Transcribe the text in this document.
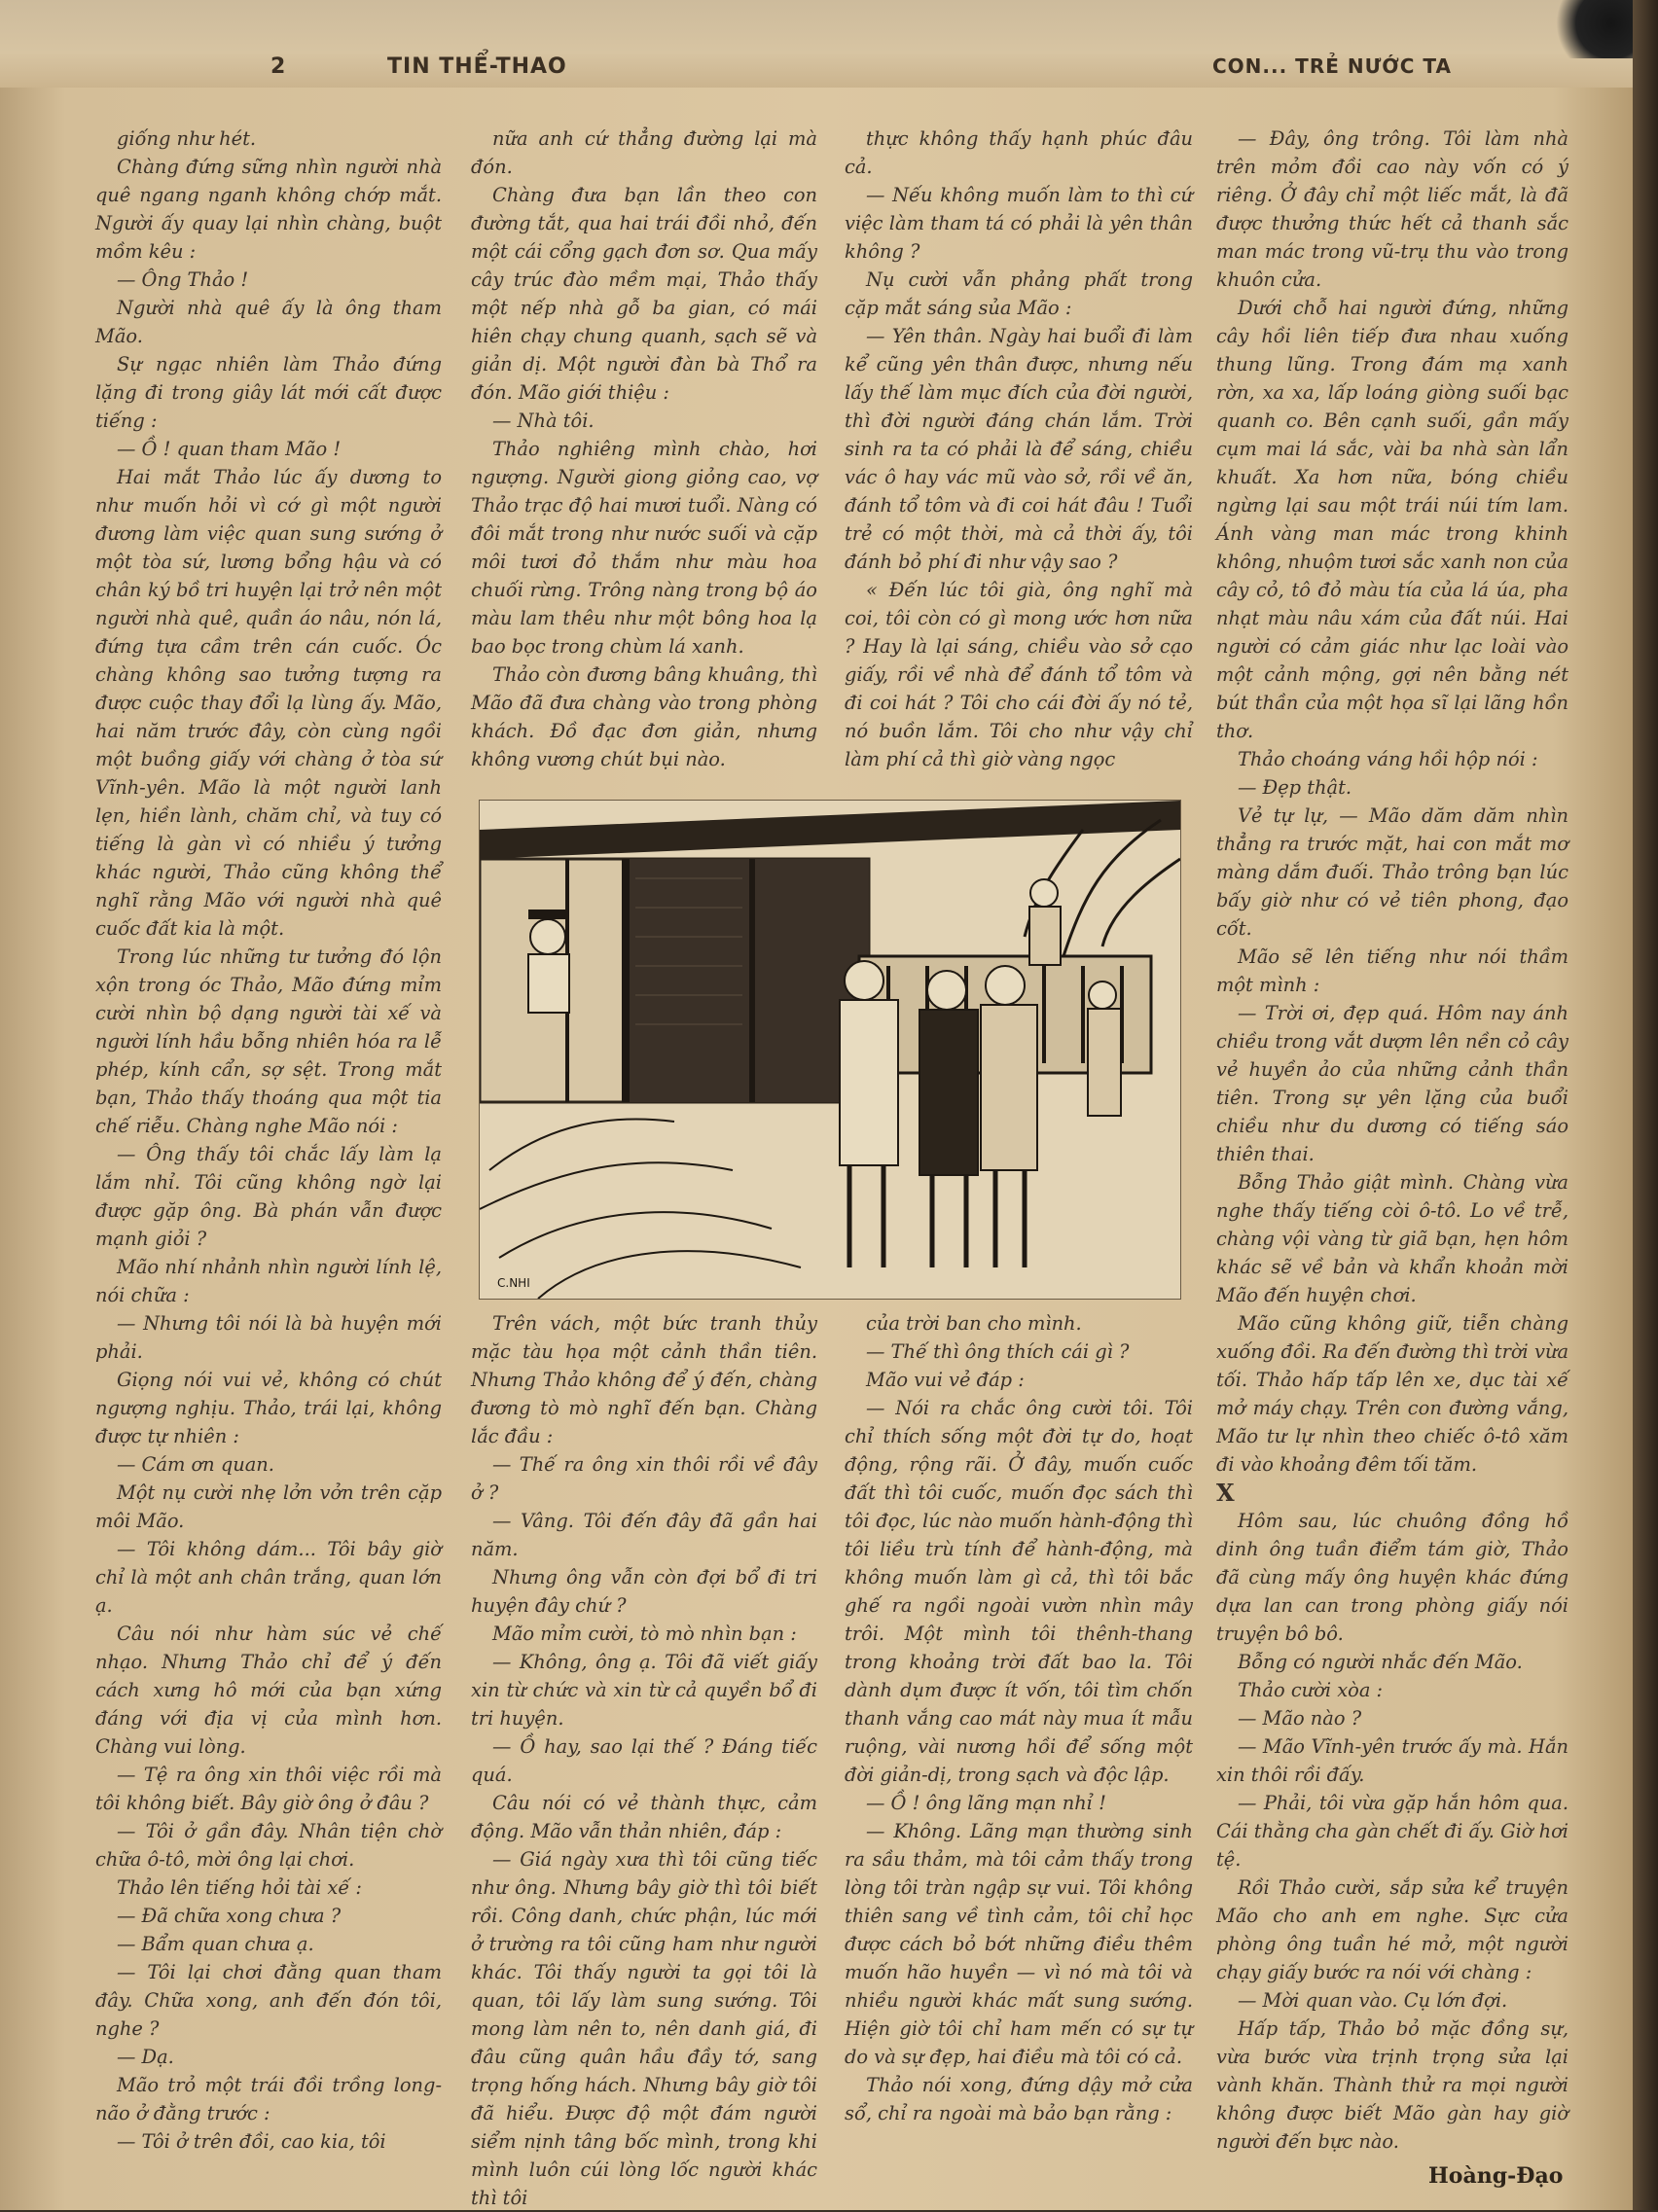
2	TIN THỂ-THAO	CON... TRẺ NƯỚC TA

giống như hét.

Chàng đứng sững nhìn người nhà quê ngang nganh không chớp mắt. Người ấy quay lại nhìn chàng, buột mồm kêu :

— Ông Thảo !

Người nhà quê ấy là ông tham Mão.

Sự ngạc nhiên làm Thảo đứng lặng đi trong giây lát mới cất được tiếng :

— Ồ ! quan tham Mão !

Hai mắt Thảo lúc ấy dương to như muốn hỏi vì cớ gì một người đương làm việc quan sung sướng ở một tòa sứ, lương bổng hậu và có chân ký bồ tri huyện lại trở nên một người nhà quê, quần áo nâu, nón lá, đứng tựa cầm trên cán cuốc. Óc chàng không sao tưởng tượng ra được cuộc thay đổi lạ lùng ấy. Mão, hai năm trước đây, còn cùng ngồi một buồng giấy với chàng ở tòa sứ Vĩnh-yên. Mão là một người lanh lẹn, hiền lành, chăm chỉ, và tuy có tiếng là gàn vì có nhiều ý tưởng khác người, Thảo cũng không thể nghĩ rằng Mão với người nhà quê cuốc đất kia là một.

Trong lúc những tư tưởng đó lộn xộn trong óc Thảo, Mão đứng mỉm cười nhìn bộ dạng người tài xế và người lính hầu bỗng nhiên hóa ra lễ phép, kính cẩn, sợ sệt. Trong mắt bạn, Thảo thấy thoáng qua một tia chế riễu. Chàng nghe Mão nói :

— Ông thấy tôi chắc lấy làm lạ lắm nhỉ. Tôi cũng không ngờ lại được gặp ông. Bà phán vẫn được mạnh giỏi ?

Mão nhí nhảnh nhìn người lính lệ, nói chữa :

— Nhưng tôi nói là bà huyện mới phải.

Giọng nói vui vẻ, không có chút ngượng nghịu. Thảo, trái lại, không được tự nhiên :

— Cám ơn quan.

Một nụ cười nhẹ lởn vởn trên cặp môi Mão.

— Tôi không dám... Tôi bây giờ chỉ là một anh chân trắng, quan lớn ạ.

Câu nói như hàm súc vẻ chế nhạo. Nhưng Thảo chỉ để ý đến cách xưng hô mới của bạn xứng đáng với địa vị của mình hơn. Chàng vui lòng.

— Tệ ra ông xin thôi việc rồi mà tôi không biết. Bây giờ ông ở đâu ?

— Tôi ở gần đây. Nhân tiện chờ chữa ô-tô, mời ông lại chơi.

Thảo lên tiếng hỏi tài xế :

— Đã chữa xong chưa ?

— Bẩm quan chưa ạ.

— Tôi lại chơi đằng quan tham đây. Chữa xong, anh đến đón tôi, nghe ?

— Dạ.

Mão trỏ một trái đồi trồng long-não ở đằng trước :

— Tôi ở trên đồi, cao kia, tôi

nữa anh cứ thẳng đường lại mà đón.

Chàng đưa bạn lần theo con đường tắt, qua hai trái đồi nhỏ, đến một cái cổng gạch đơn sơ. Qua mấy cây trúc đào mềm mại, Thảo thấy một nếp nhà gỗ ba gian, có mái hiên chạy chung quanh, sạch sẽ và giản dị. Một người đàn bà Thổ ra đón. Mão giới thiệu :

— Nhà tôi.

Thảo nghiêng mình chào, hơi ngượng. Người giong giỏng cao, vợ Thảo trạc độ hai mươi tuổi. Nàng có đôi mắt trong như nước suối và cặp môi tươi đỏ thắm như màu hoa chuối rừng. Trông nàng trong bộ áo màu lam thêu như một bông hoa lạ bao bọc trong chùm lá xanh.

Thảo còn đương bâng khuâng, thì Mão đã đưa chàng vào trong phòng khách. Đồ đạc đơn giản, nhưng không vương chút bụi nào.

thực không thấy hạnh phúc đâu cả.

— Nếu không muốn làm to thì cứ việc làm tham tá có phải là yên thân không ?

Nụ cười vẫn phảng phất trong cặp mắt sáng sủa Mão :

— Yên thân. Ngày hai buổi đi làm kể cũng yên thân được, nhưng nếu lấy thế làm mục đích của đời người, thì đời người đáng chán lắm. Trời sinh ra ta có phải là để sáng, chiều vác ô hay vác mũ vào sở, rồi về ăn, đánh tổ tôm và đi coi hát đâu ! Tuổi trẻ có một thời, mà cả thời ấy, tôi đánh bỏ phí đi như vậy sao ?

« Đến lúc tôi già, ông nghĩ mà coi, tôi còn có gì mong ước hơn nữa ? Hay là lại sáng, chiều vào sở cạo giấy, rồi về nhà để đánh tổ tôm và đi coi hát ? Tôi cho cái đời ấy nó tẻ, nó buồn lắm. Tôi cho như vậy chỉ làm phí cả thì giờ vàng ngọc

— Đây, ông trông. Tôi làm nhà trên mỏm đồi cao này vốn có ý riêng. Ở đây chỉ một liếc mắt, là đã được thưởng thức hết cả thanh sắc man mác trong vũ-trụ thu vào trong khuôn cửa.

Dưới chỗ hai người đứng, những cây hồi liên tiếp đưa nhau xuống thung lũng. Trong đám mạ xanh rờn, xa xa, lấp loáng giòng suối bạc quanh co. Bên cạnh suối, gần mấy cụm mai lá sắc, vài ba nhà sàn lẩn khuất. Xa hơn nữa, bóng chiều ngừng lại sau một trái núi tím lam. Ánh vàng man mác trong khinh không, nhuộm tươi sắc xanh non của cây cỏ, tô đỏ màu tía của lá úa, pha nhạt màu nâu xám của đất núi. Hai người có cảm giác như lạc loài vào một cảnh mộng, gợi nên bằng nét bút thần của một họa sĩ lại lãng hồn thơ.

Thảo choáng váng hồi hộp nói :

— Đẹp thật.

Vẻ tự lự, — Mão dăm dăm nhìn thẳng ra trước mặt, hai con mắt mơ màng dắm đuối. Thảo trông bạn lúc bấy giờ như có vẻ tiên phong, đạo cốt.

Mão sẽ lên tiếng như nói thầm một mình :

— Trời ơi, đẹp quá. Hôm nay ánh chiều trong vắt dượm lên nền cỏ cây vẻ huyền ảo của những cảnh thần tiên. Trong sự yên lặng của buổi chiều như du dương có tiếng sáo thiên thai.

Bỗng Thảo giật mình. Chàng vừa nghe thấy tiếng còi ô-tô. Lo về trễ, chàng vội vàng từ giã bạn, hẹn hôm khác sẽ về bản và khẩn khoản mời Mão đến huyện chơi.

Mão cũng không giữ, tiễn chàng xuống đồi. Ra đến đường thì trời vừa tối. Thảo hấp tấp lên xe, dục tài xế mở máy chạy. Trên con đường vắng, Mão tư lự nhìn theo chiếc ô-tô xăm đi vào khoảng đêm tối tăm.

X

Hôm sau, lúc chuông đồng hồ dinh ông tuần điểm tám giờ, Thảo đã cùng mấy ông huyện khác đứng dựa lan can trong phòng giấy nói truyện bô bô.

Bỗng có người nhắc đến Mão.

Thảo cười xòa :

— Mão nào ?

— Mão Vĩnh-yên trước ấy mà. Hắn xin thôi rồi đấy.

— Phải, tôi vừa gặp hắn hôm qua. Cái thằng cha gàn chết đi ấy. Giờ hơi tệ.

Rồi Thảo cười, sắp sửa kể truyện Mão cho anh em nghe. Sực cửa phòng ông tuần hé mở, một người chạy giấy bước ra nói với chàng :

— Mời quan vào. Cụ lớn đợi.

Hấp tấp, Thảo bỏ mặc đồng sự, vừa bước vừa trịnh trọng sửa lại vành khăn. Thành thử ra mọi người không được biết Mão gàn hay giờ người đến bực nào.

C.NHI

Trên vách, một bức tranh thủy mặc tàu họa một cảnh thần tiên. Nhưng Thảo không để ý đến, chàng đương tò mò nghĩ đến bạn. Chàng lắc đầu :

— Thế ra ông xin thôi rồi về đây ở ?

— Vâng. Tôi đến đây đã gần hai năm.

Nhưng ông vẫn còn đợi bổ đi tri huyện đây chứ ?

Mão mỉm cười, tò mò nhìn bạn :

— Không, ông ạ. Tôi đã viết giấy xin từ chức và xin từ cả quyền bổ đi tri huyện.

— Ồ hay, sao lại thế ? Đáng tiếc quá.

Câu nói có vẻ thành thực, cảm động. Mão vẫn thản nhiên, đáp :

— Giá ngày xưa thì tôi cũng tiếc như ông. Nhưng bây giờ thì tôi biết rồi. Công danh, chức phận, lúc mới ở trường ra tôi cũng ham như người khác. Tôi thấy người ta gọi tôi là quan, tôi lấy làm sung sướng. Tôi mong làm nên to, nên danh giá, đi đâu cũng quân hầu đầy tớ, sang trọng hống hách. Nhưng bây giờ tôi đã hiểu. Được độ một đám người siểm nịnh tâng bốc mình, trong khi mình luôn cúi lòng lốc người khác thì tôi

của trời ban cho mình.

— Thế thì ông thích cái gì ?

Mão vui vẻ đáp :

— Nói ra chắc ông cười tôi. Tôi chỉ thích sống một đời tự do, hoạt động, rộng rãi. Ở đây, muốn cuốc đất thì tôi cuốc, muốn đọc sách thì tôi đọc, lúc nào muốn hành-động thì tôi liều trù tính để hành-động, mà không muốn làm gì cả, thì tôi bắc ghế ra ngồi ngoài vườn nhìn mây trôi. Một mình tôi thênh-thang trong khoảng trời đất bao la. Tôi dành dụm được ít vốn, tôi tìm chốn thanh vắng cao mát này mua ít mẫu ruộng, vài nương hồi để sống một đời giản-dị, trong sạch và độc lập.

— Ồ ! ông lãng mạn nhỉ !

— Không. Lãng mạn thường sinh ra sầu thảm, mà tôi cảm thấy trong lòng tôi tràn ngập sự vui. Tôi không thiên sang về tình cảm, tôi chỉ học được cách bỏ bớt những điều thêm muốn hão huyền — vì nó mà tôi và nhiều người khác mất sung sướng. Hiện giờ tôi chỉ ham mến có sự tự do và sự đẹp, hai điều mà tôi có cả.

Thảo nói xong, đứng dậy mở cửa sổ, chỉ ra ngoài mà bảo bạn rằng :

Hoàng-Đạo
